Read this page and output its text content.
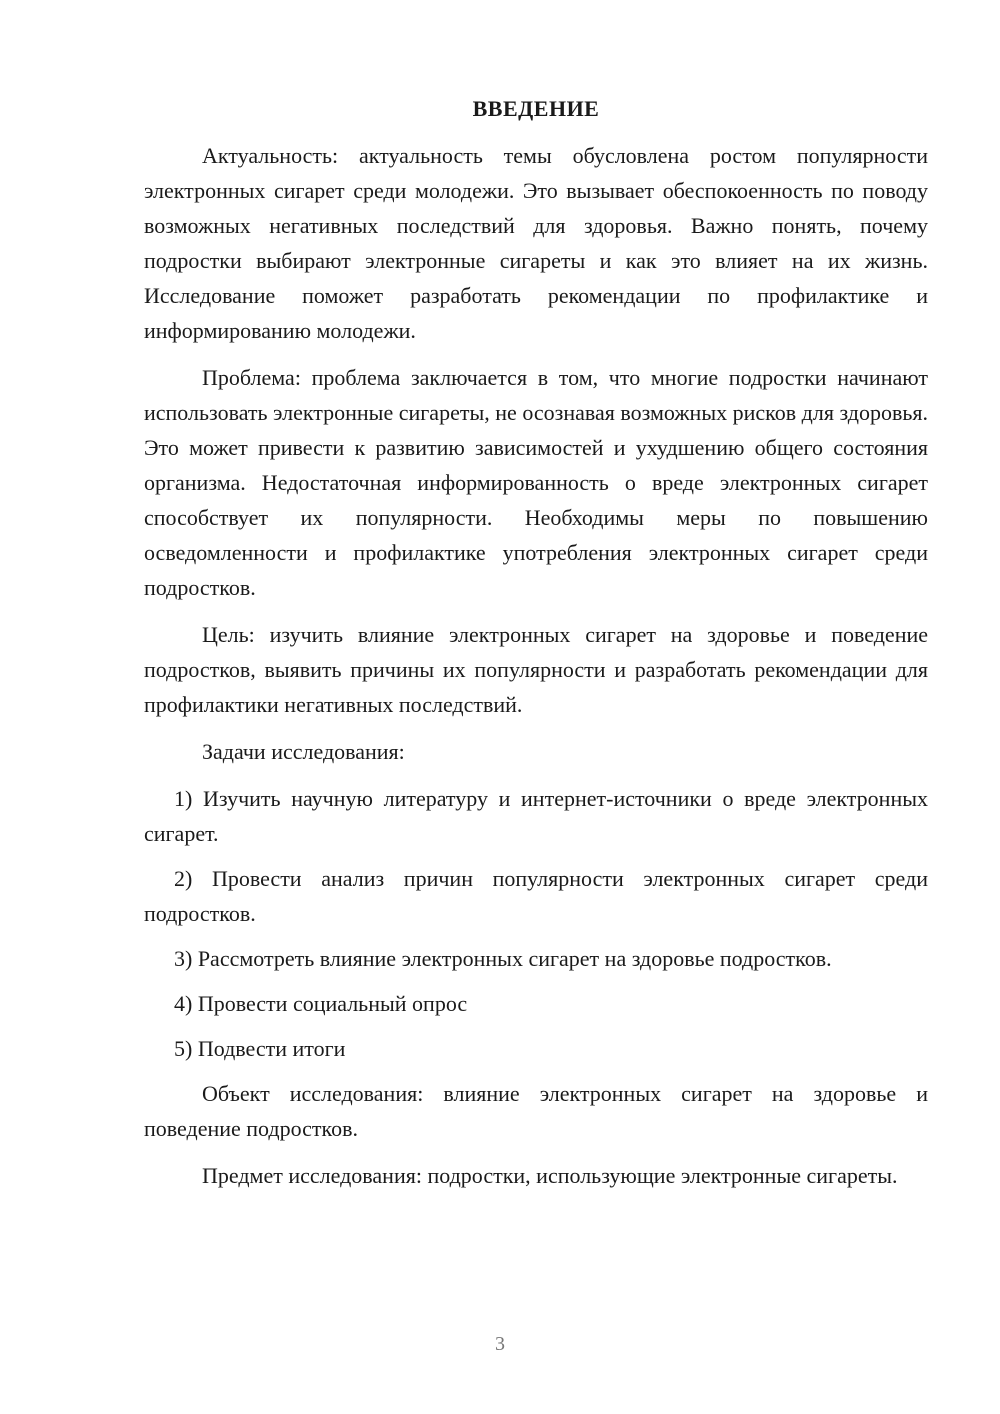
ВВЕДЕНИЕ

Актуальность: актуальность темы обусловлена ростом популярности электронных сигарет среди молодежи. Это вызывает обеспокоенность по поводу возможных негативных последствий для здоровья. Важно понять, почему подростки выбирают электронные сигареты и как это влияет на их жизнь. Исследование поможет разработать рекомендации по профилактике и информированию молодежи.

Проблема: проблема заключается в том, что многие подростки начинают использовать электронные сигареты, не осознавая возможных рисков для здоровья. Это может привести к развитию зависимостей и ухудшению общего состояния организма. Недостаточная информированность о вреде электронных сигарет способствует их популярности. Необходимы меры по повышению осведомленности и профилактике употребления электронных сигарет среди подростков.

Цель: изучить влияние электронных сигарет на здоровье и поведение подростков, выявить причины их популярности и разработать рекомендации для профилактики негативных последствий.

Задачи исследования:

1) Изучить научную литературу и интернет-источники о вреде электронных сигарет.

2) Провести анализ причин популярности электронных сигарет среди подростков.

3) Рассмотреть влияние электронных сигарет на здоровье подростков.

4) Провести социальный опрос

5) Подвести итоги

Объект исследования: влияние электронных сигарет на здоровье и поведение подростков.

Предмет исследования: подростки, использующие электронные сигареты.

3
